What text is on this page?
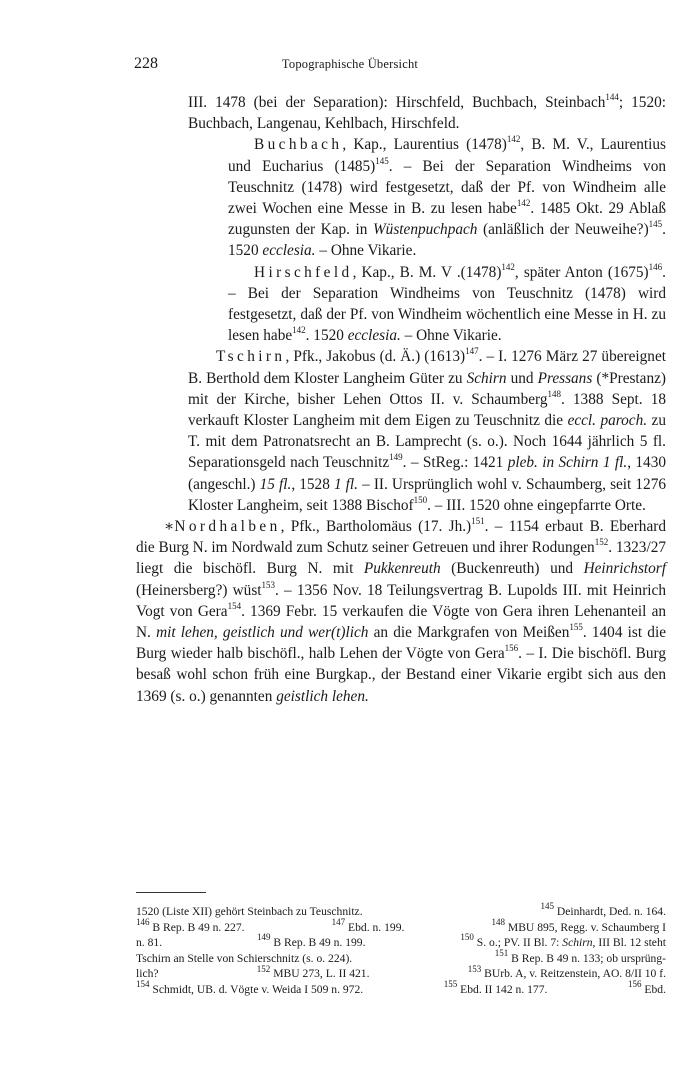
228	Topographische Übersicht

III. 1478 (bei der Separation): Hirschfeld, Buchbach, Steinbach$^{144}$; 1520: Buchbach, Langenau, Kehlbach, Hirschfeld.

Buchbach, Kap., Laurentius $(1478)^{142}$, B. M. V., Laurentius und Eucharius $(1485)^{145}$. – Bei der Separation Windheims von Teuschnitz (1478) wird festgesetzt, daß der Pf. von Windheim alle zwei Wochen eine Messe in B. zu lesen habe$^{142}$. 1485 Okt. 29 Ablaß zugunsten der Kap. in Wüstenpuchpach (anläßlich der Neuweihe?)$^{145}$. 1520 ecclesia. – Ohne Vikarie.

Hirschfeld, Kap., B. M. V $.(1478)^{142}$, später Anton $(1675)^{146}$. – Bei der Separation Windheims von Teuschnitz (1478) wird festgesetzt, daß der Pf. von Windheim wöchentlich eine Messe in H. zu lesen habe$^{142}$. 1520 ecclesia. – Ohne Vikarie.

Tschirn, Pfk., Jakobus (d. Ä.) $(1613)^{147}$. – I. 1276 März 27 übereignet B. Berthold dem Kloster Langheim Güter zu Schirn und Pressans (*Prestanz) mit der Kirche, bisher Lehen Ottos II. v. Schaumberg$^{148}$. 1388 Sept. 18 verkauft Kloster Langheim mit dem Eigen zu Teuschnitz die eccl. paroch. zu T. mit dem Patronatsrecht an B. Lamprecht (s. o.). Noch 1644 jährlich 5 fl. Separationsgeld nach Teuschnitz$^{149}$. – StReg.: 1421 pleb. in Schirn 1 fl., 1430 (angeschl.) 15 fl., 1528 1 fl. – II. Ursprünglich wohl v. Schaumberg, seit 1276 Kloster Langheim, seit 1388 Bischof$^{150}$. – III. 1520 ohne eingepfarrte Orte.

∗Nordhalben, Pfk., Bartholomäus (17. Jh.)$^{151}$. – 1154 erbaut B. Eberhard die Burg N. im Nordwald zum Schutz seiner Getreuen und ihrer Rodungen$^{152}$. 1323/27 liegt die bischöfl. Burg N. mit Pukkenreuth (Buckenreuth) und Heinrichstorf (Heinersberg?) wüst$^{153}$. – 1356 Nov. 18 Teilungsvertrag B. Lupolds III. mit Heinrich Vogt von Gera$^{154}$. 1369 Febr. 15 verkaufen die Vögte von Gera ihren Lehenanteil an N. mit lehen, geistlich und wer(t)lich an die Markgrafen von Meißen$^{155}$. 1404 ist die Burg wieder halb bischöfl., halb Lehen der Vögte von Gera$^{156}$. – I. Die bischöfl. Burg besaß wohl schon früh eine Burgkap., der Bestand einer Vikarie ergibt sich aus den 1369 (s. o.) genannten geistlich lehen.

1520 (Liste XII) gehört Steinbach zu Teuschnitz.	$^{145}$ Deinhardt, Ded. n. 164.
$^{146}$ B Rep. B 49 n. 227.	$^{147}$ Ebd. n. 199.	$^{148}$ MBU 895, Regg. v. Schaumberg I
n. 81.	$^{149}$ B Rep. B 49 n. 199.	$^{150}$ S. o.; PV. II Bl. 7: Schirn, III Bl. 12 steht
Tschirn an Stelle von Schierschnitz (s. o. 224).	$^{151}$ B Rep. B 49 n. 133; ob ursprüng-
lich?	$^{152}$ MBU 273, L. II 421.	$^{153}$ BUrb. A, v. Reitzenstein, AO. 8/II 10 f.
$^{154}$ Schmidt, UB. d. Vögte v. Weida I 509 n. 972.	$^{155}$ Ebd. II 142 n. 177.	$^{156}$ Ebd.
